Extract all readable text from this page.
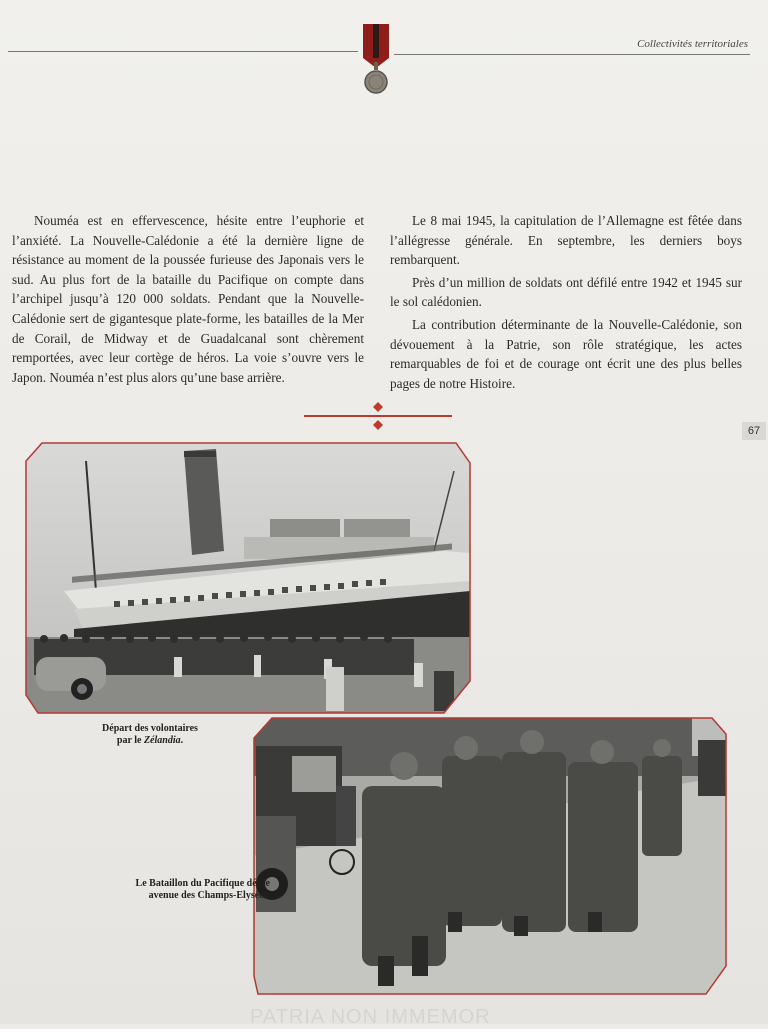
Collectivités territoriales

Nouméa est en effervescence, hésite entre l’euphorie et l’anxiété. La Nouvelle-Calédonie a été la dernière ligne de résistance au moment de la poussée furieuse des Japonais vers le sud. Au plus fort de la bataille du Pacifique on compte dans l’archipel jusqu’à 120 000 soldats. Pendant que la Nouvelle-Calédonie sert de gigantesque plate-forme, les batailles de la Mer de Corail, de Midway et de Guadalcanal sont chèrement remportées, avec leur cortège de héros. La voie s’ouvre vers le Japon. Nouméa n’est plus alors qu’une base arrière.

Le 8 mai 1945, la capitulation de l’Allemagne est fêtée dans l’allégresse générale. En septembre, les derniers boys rembarquent.

Près d’un million de soldats ont défilé entre 1942 et 1945 sur le sol calédonien.

La contribution déterminante de la Nouvelle-Calédonie, son dévouement à la Patrie, son rôle stratégique, les actes remarquables de foi et de courage ont écrit une des plus belles pages de notre Histoire.

67
Départ des volontaires
par le Zélandia.
Le Bataillon du Pacifique défile
avenue des Champs-Elysées.
PATRIA NON IMMEMOR
